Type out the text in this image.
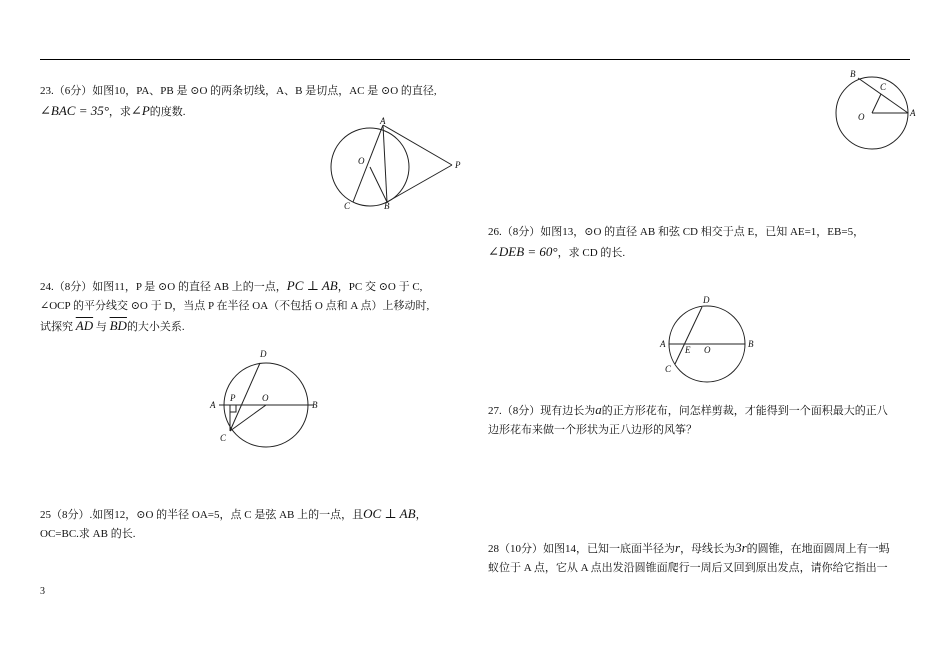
23.（6分）如图10，PA、PB 是 ⊙O 的两条切线，A、B 是切点，AC 是 ⊙O 的直径,
∠BAC = 35°，求∠P的度数.
A
O	P
C	B
24.（8分）如图11，P 是 ⊙O 的直径 AB 上的一点，PC ⊥ AB，PC 交 ⊙O 于 C,
∠OCP 的平分线交 ⊙O 于 D，当点 P 在半径 OA（不包括 O 点和 A 点）上移动时,
试探究 $\overline{AD}$ 与 $\overline{BD}$的大小关系.
D
A
P	O
B
C
25（8分）.如图12，⊙O 的半径 OA=5，点 C 是弦 AB 上的一点，且OC ⊥ AB，
OC=BC.求 AB 的长.
B
C
O	A
26.（8分）如图13，⊙O 的直径 AB 和弦 CD 相交于点 E，已知 AE=1，EB=5，
∠DEB = 60°，求 CD 的长.
D
A
E O
B
C
27.（8分）现有边长为a的正方形花布，问怎样剪裁，才能得到一个面积最大的正八
边形花布来做一个形状为正八边形的风筝？
28（10分）如图14，已知一底面半径为r，母线长为3r的圆锥，在地面圆周上有一蚂
蚁位于 A 点，它从 A 点出发沿圆锥面爬行一周后又回到原出发点，请你给它指出一
3
